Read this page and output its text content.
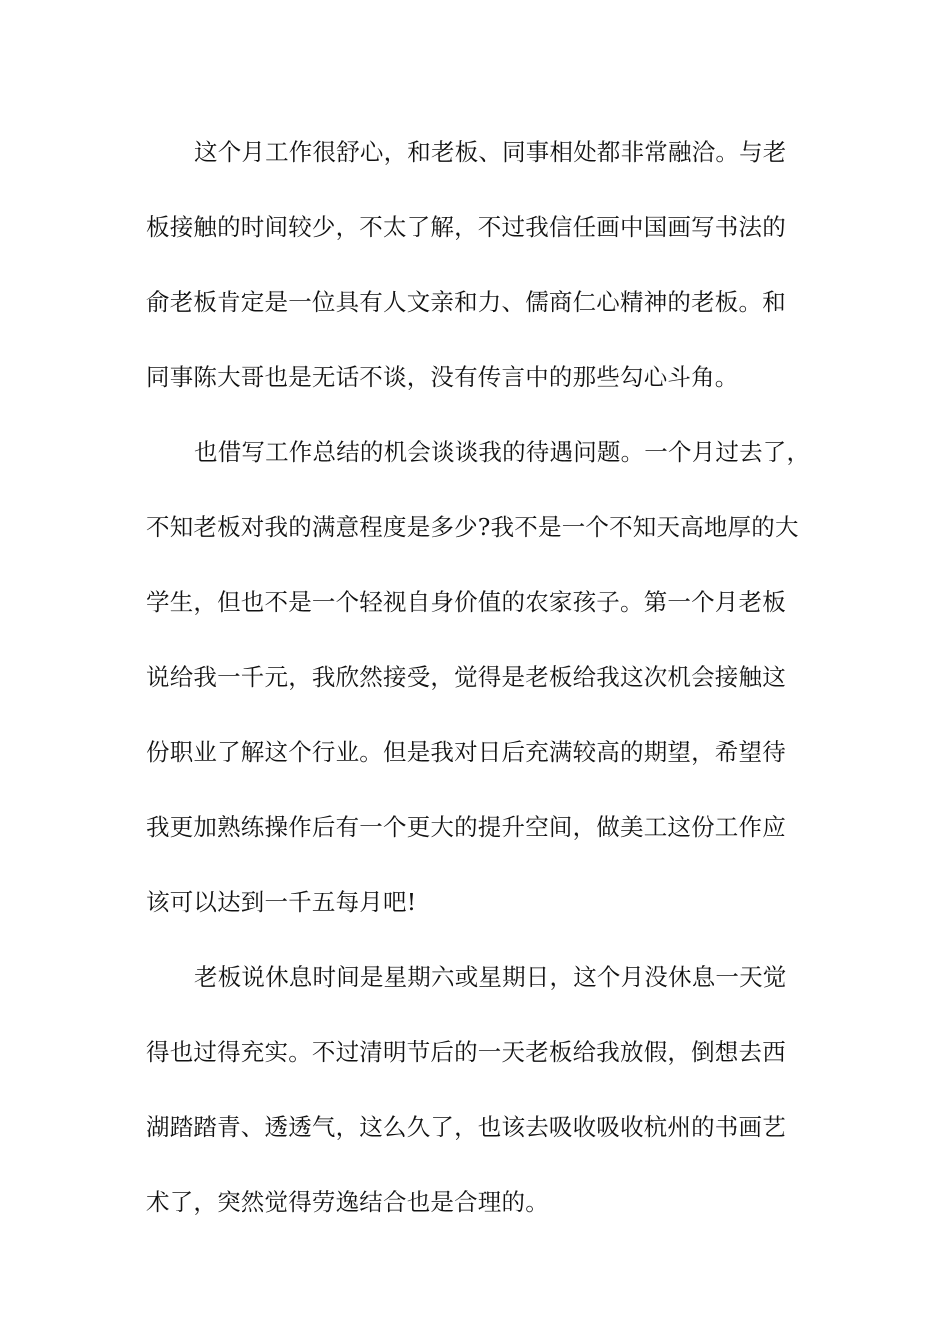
这个月工作很舒心，和老板、同事相处都非常融洽。与老
板接触的时间较少，不太了解，不过我信任画中国画写书法的
俞老板肯定是一位具有人文亲和力、儒商仁心精神的老板。和
同事陈大哥也是无话不谈，没有传言中的那些勾心斗角。
也借写工作总结的机会谈谈我的待遇问题。一个月过去了，
不知老板对我的满意程度是多少?我不是一个不知天高地厚的大
学生，但也不是一个轻视自身价值的农家孩子。第一个月老板
说给我一千元，我欣然接受，觉得是老板给我这次机会接触这
份职业了解这个行业。但是我对日后充满较高的期望，希望待
我更加熟练操作后有一个更大的提升空间，做美工这份工作应
该可以达到一千五每月吧!
老板说休息时间是星期六或星期日，这个月没休息一天觉
得也过得充实。不过清明节后的一天老板给我放假，倒想去西
湖踏踏青、透透气，这么久了，也该去吸收吸收杭州的书画艺
术了，突然觉得劳逸结合也是合理的。
